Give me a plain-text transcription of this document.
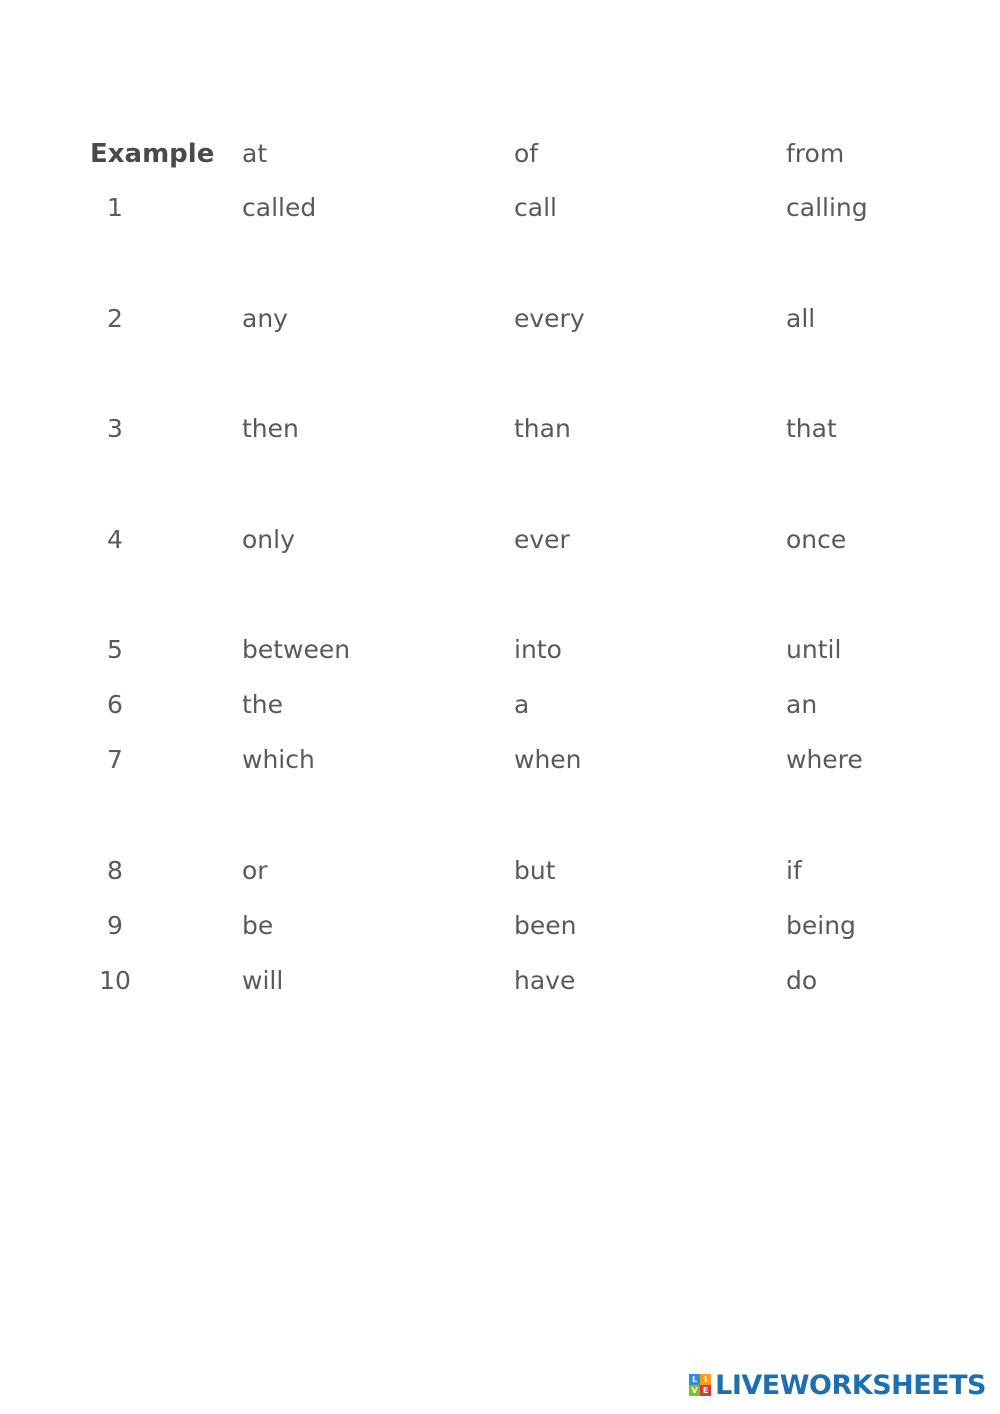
Example at	of	from
1	called	call	calling
2	any	every	all
3	then	than	that
4	only	ever	once
5	between	into	until
6	the	a	an
7	which	when	where
8	or	but	if
9	be	been	being
10	will	have	do
L I
V E LIVEWORKSHEETS
